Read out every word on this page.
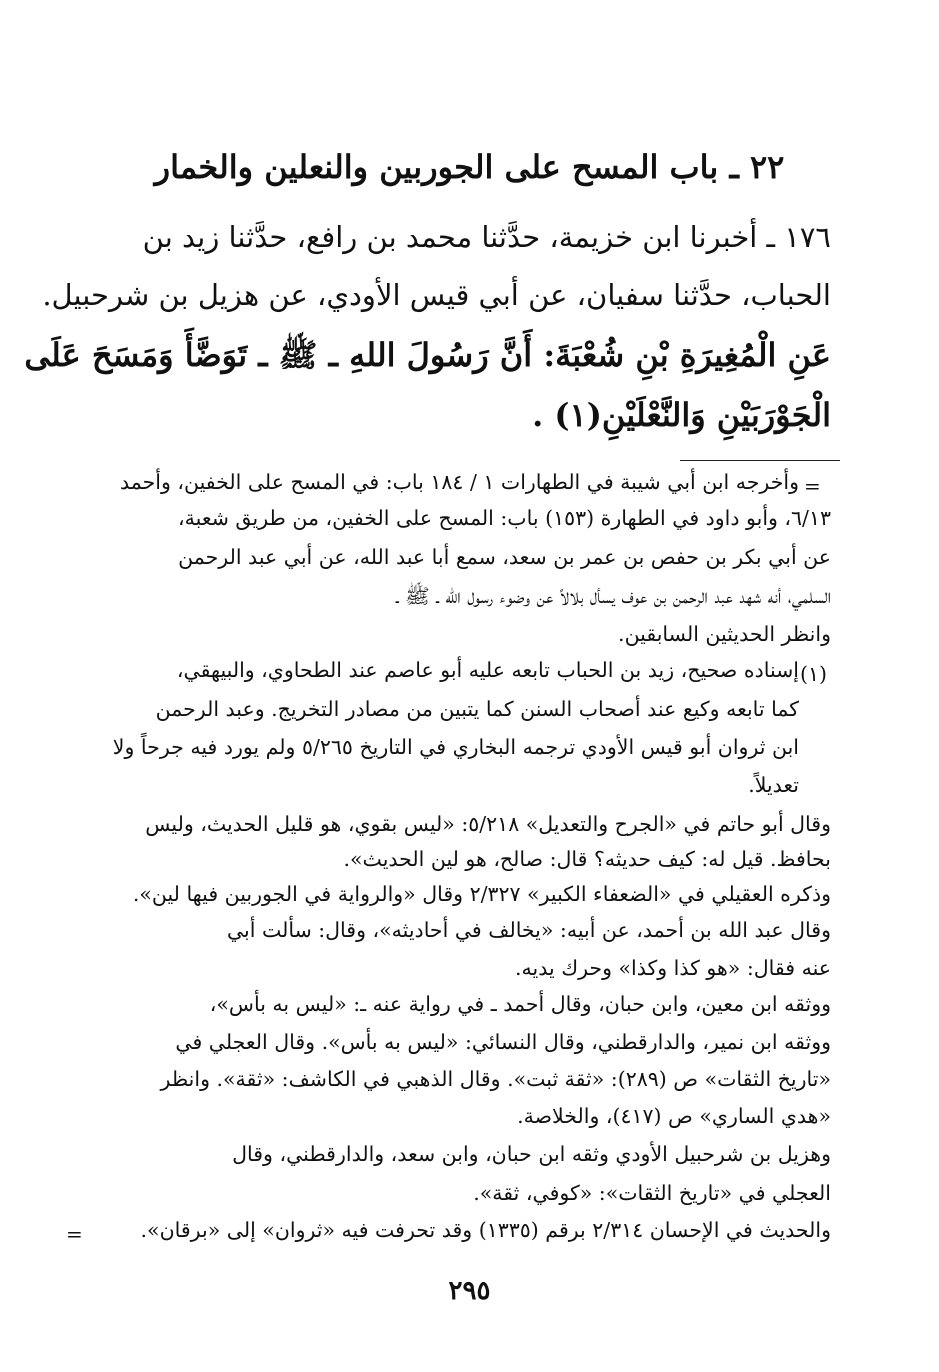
٢٢ ـ باب المسح على الجوربين والنعلين والخمار
١٧٦ ـ أخبرنا ابن خزيمة، حدَّثنا محمد بن رافع، حدَّثنا زيد بن
الحباب، حدَّثنا سفيان، عن أبي قيس الأودي، عن هزيل بن شرحبيل.
عَنِ الْمُغِيرَةِ بْنِ شُعْبَةَ: أَنَّ رَسُولَ اللهِ ـ ﷺ ـ تَوَضَّأَ وَمَسَحَ عَلَى
الْجَوْرَبَيْنِ وَالنَّعْلَيْنِ(١) .
=
وأخرجه ابن أبي شيبة في الطهارات ١ / ١٨٤ باب: في المسح على الخفين، وأحمد
٦/١٣، وأبو داود في الطهارة (١٥٣) باب: المسح على الخفين، من طريق شعبة،
عن أبي بكر بن حفص بن عمر بن سعد، سمع أبا عبد الله، عن أبي عبد الرحمن
السلمي، أنه شهد عبد الرحمن بن عوف يسأل بلالاً عن وضوء رسول الله ـ ﷺ ـ
وانظر الحديثين السابقين.
(١)
إسناده صحيح، زيد بن الحباب تابعه عليه أبو عاصم عند الطحاوي، والبيهقي،
كما تابعه وكيع عند أصحاب السنن كما يتبين من مصادر التخريج. وعبد الرحمن
ابن ثروان أبو قيس الأودي ترجمه البخاري في التاريخ ٥/٢٦٥ ولم يورد فيه جرحاً ولا
تعديلاً.
وقال أبو حاتم في «الجرح والتعديل» ٥/٢١٨: «ليس بقوي، هو قليل الحديث، وليس
بحافظ. قيل له: كيف حديثه؟ قال: صالح، هو لين الحديث».
وذكره العقيلي في «الضعفاء الكبير» ٢/٣٢٧ وقال «والرواية في الجوربين فيها لين».
وقال عبد الله بن أحمد، عن أبيه: «يخالف في أحاديثه»، وقال: سألت أبي
عنه فقال: «هو كذا وكذا» وحرك يديه.
ووثقه ابن معين، وابن حبان، وقال أحمد ـ في رواية عنه ـ: «ليس به بأس»،
ووثقه ابن نمير، والدارقطني، وقال النسائي: «ليس به بأس». وقال العجلي في
«تاريخ الثقات» ص (٢٨٩): «ثقة ثبت». وقال الذهبي في الكاشف: «ثقة». وانظر
«هدي الساري» ص (٤١٧)، والخلاصة.
وهزيل بن شرحبيل الأودي وثقه ابن حبان، وابن سعد، والدارقطني، وقال
العجلي في «تاريخ الثقات»: «كوفي، ثقة».
والحديث في الإحسان ٢/٣١٤ برقم (١٣٣٥) وقد تحرفت فيه «ثروان» إلى «برقان».
=
٢٩٥
